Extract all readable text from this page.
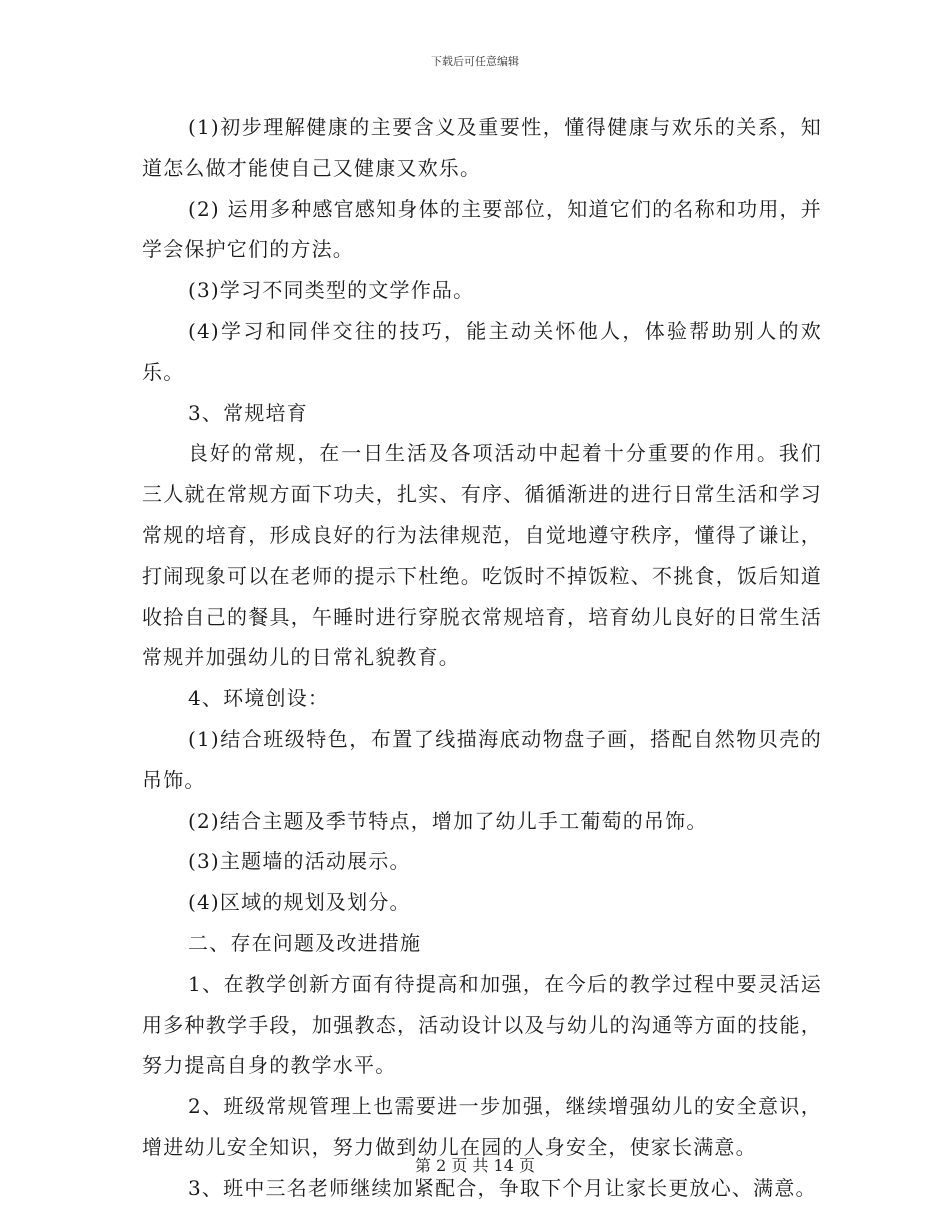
下载后可任意编辑

(1)初步理解健康的主要含义及重要性，懂得健康与欢乐的关系，知道怎么做才能使自己又健康又欢乐。

(2) 运用多种感官感知身体的主要部位，知道它们的名称和功用，并学会保护它们的方法。

(3)学习不同类型的文学作品。

(4)学习和同伴交往的技巧，能主动关怀他人，体验帮助别人的欢乐。

3、常规培育

良好的常规，在一日生活及各项活动中起着十分重要的作用。我们三人就在常规方面下功夫，扎实、有序、循循渐进的进行日常生活和学习常规的培育，形成良好的行为法律规范，自觉地遵守秩序，懂得了谦让，打闹现象可以在老师的提示下杜绝。吃饭时不掉饭粒、不挑食，饭后知道收拾自己的餐具，午睡时进行穿脱衣常规培育，培育幼儿良好的日常生活常规并加强幼儿的日常礼貌教育。

4、环境创设：

(1)结合班级特色，布置了线描海底动物盘子画，搭配自然物贝壳的吊饰。

(2)结合主题及季节特点，增加了幼儿手工葡萄的吊饰。

(3)主题墙的活动展示。

(4)区域的规划及划分。

二、存在问题及改进措施

1、在教学创新方面有待提高和加强，在今后的教学过程中要灵活运用多种教学手段，加强教态，活动设计以及与幼儿的沟通等方面的技能，努力提高自身的教学水平。

2、班级常规管理上也需要进一步加强，继续增强幼儿的安全意识，增进幼儿安全知识，努力做到幼儿在园的人身安全，使家长满意。

3、班中三名老师继续加紧配合，争取下个月让家长更放心、满意。

第 2 页 共 14 页
